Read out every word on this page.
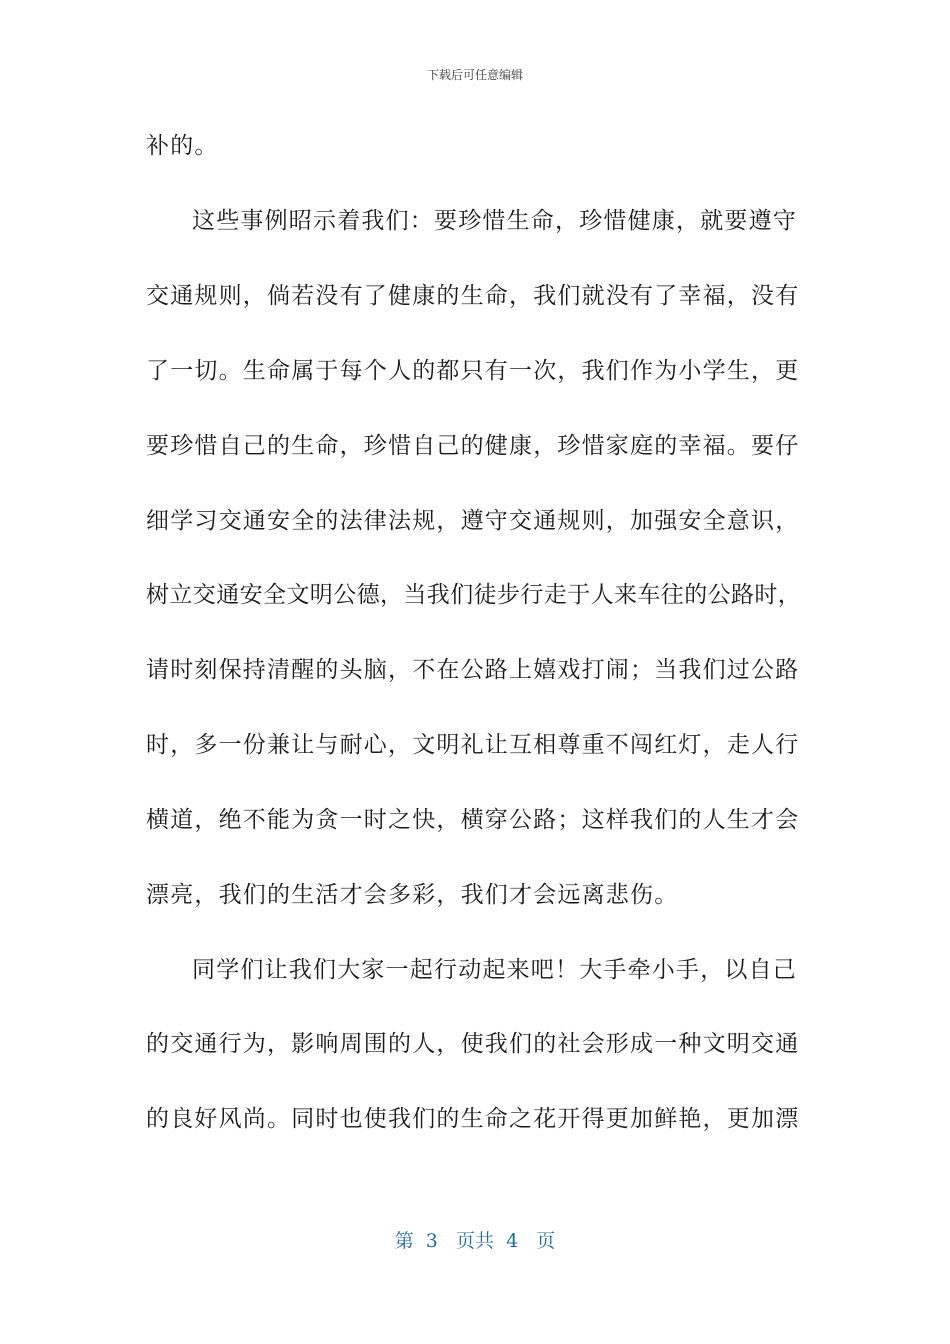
下载后可任意编辑
补的。
这些事例昭示着我们：要珍惜生命，珍惜健康，就要遵守
交通规则，倘若没有了健康的生命，我们就没有了幸福，没有
了一切。生命属于每个人的都只有一次，我们作为小学生，更
要珍惜自己的生命，珍惜自己的健康，珍惜家庭的幸福。要仔
细学习交通安全的法律法规，遵守交通规则，加强安全意识，
树立交通安全文明公德，当我们徒步行走于人来车往的公路时，
请时刻保持清醒的头脑，不在公路上嬉戏打闹；当我们过公路
时，多一份兼让与耐心，文明礼让互相尊重不闯红灯，走人行
横道，绝不能为贪一时之快，横穿公路；这样我们的人生才会
漂亮，我们的生活才会多彩，我们才会远离悲伤。
同学们让我们大家一起行动起来吧！大手牵小手，以自己
的交通行为，影响周围的人，使我们的社会形成一种文明交通
的良好风尚。同时也使我们的生命之花开得更加鲜艳，更加漂
第  3   页共  4   页
